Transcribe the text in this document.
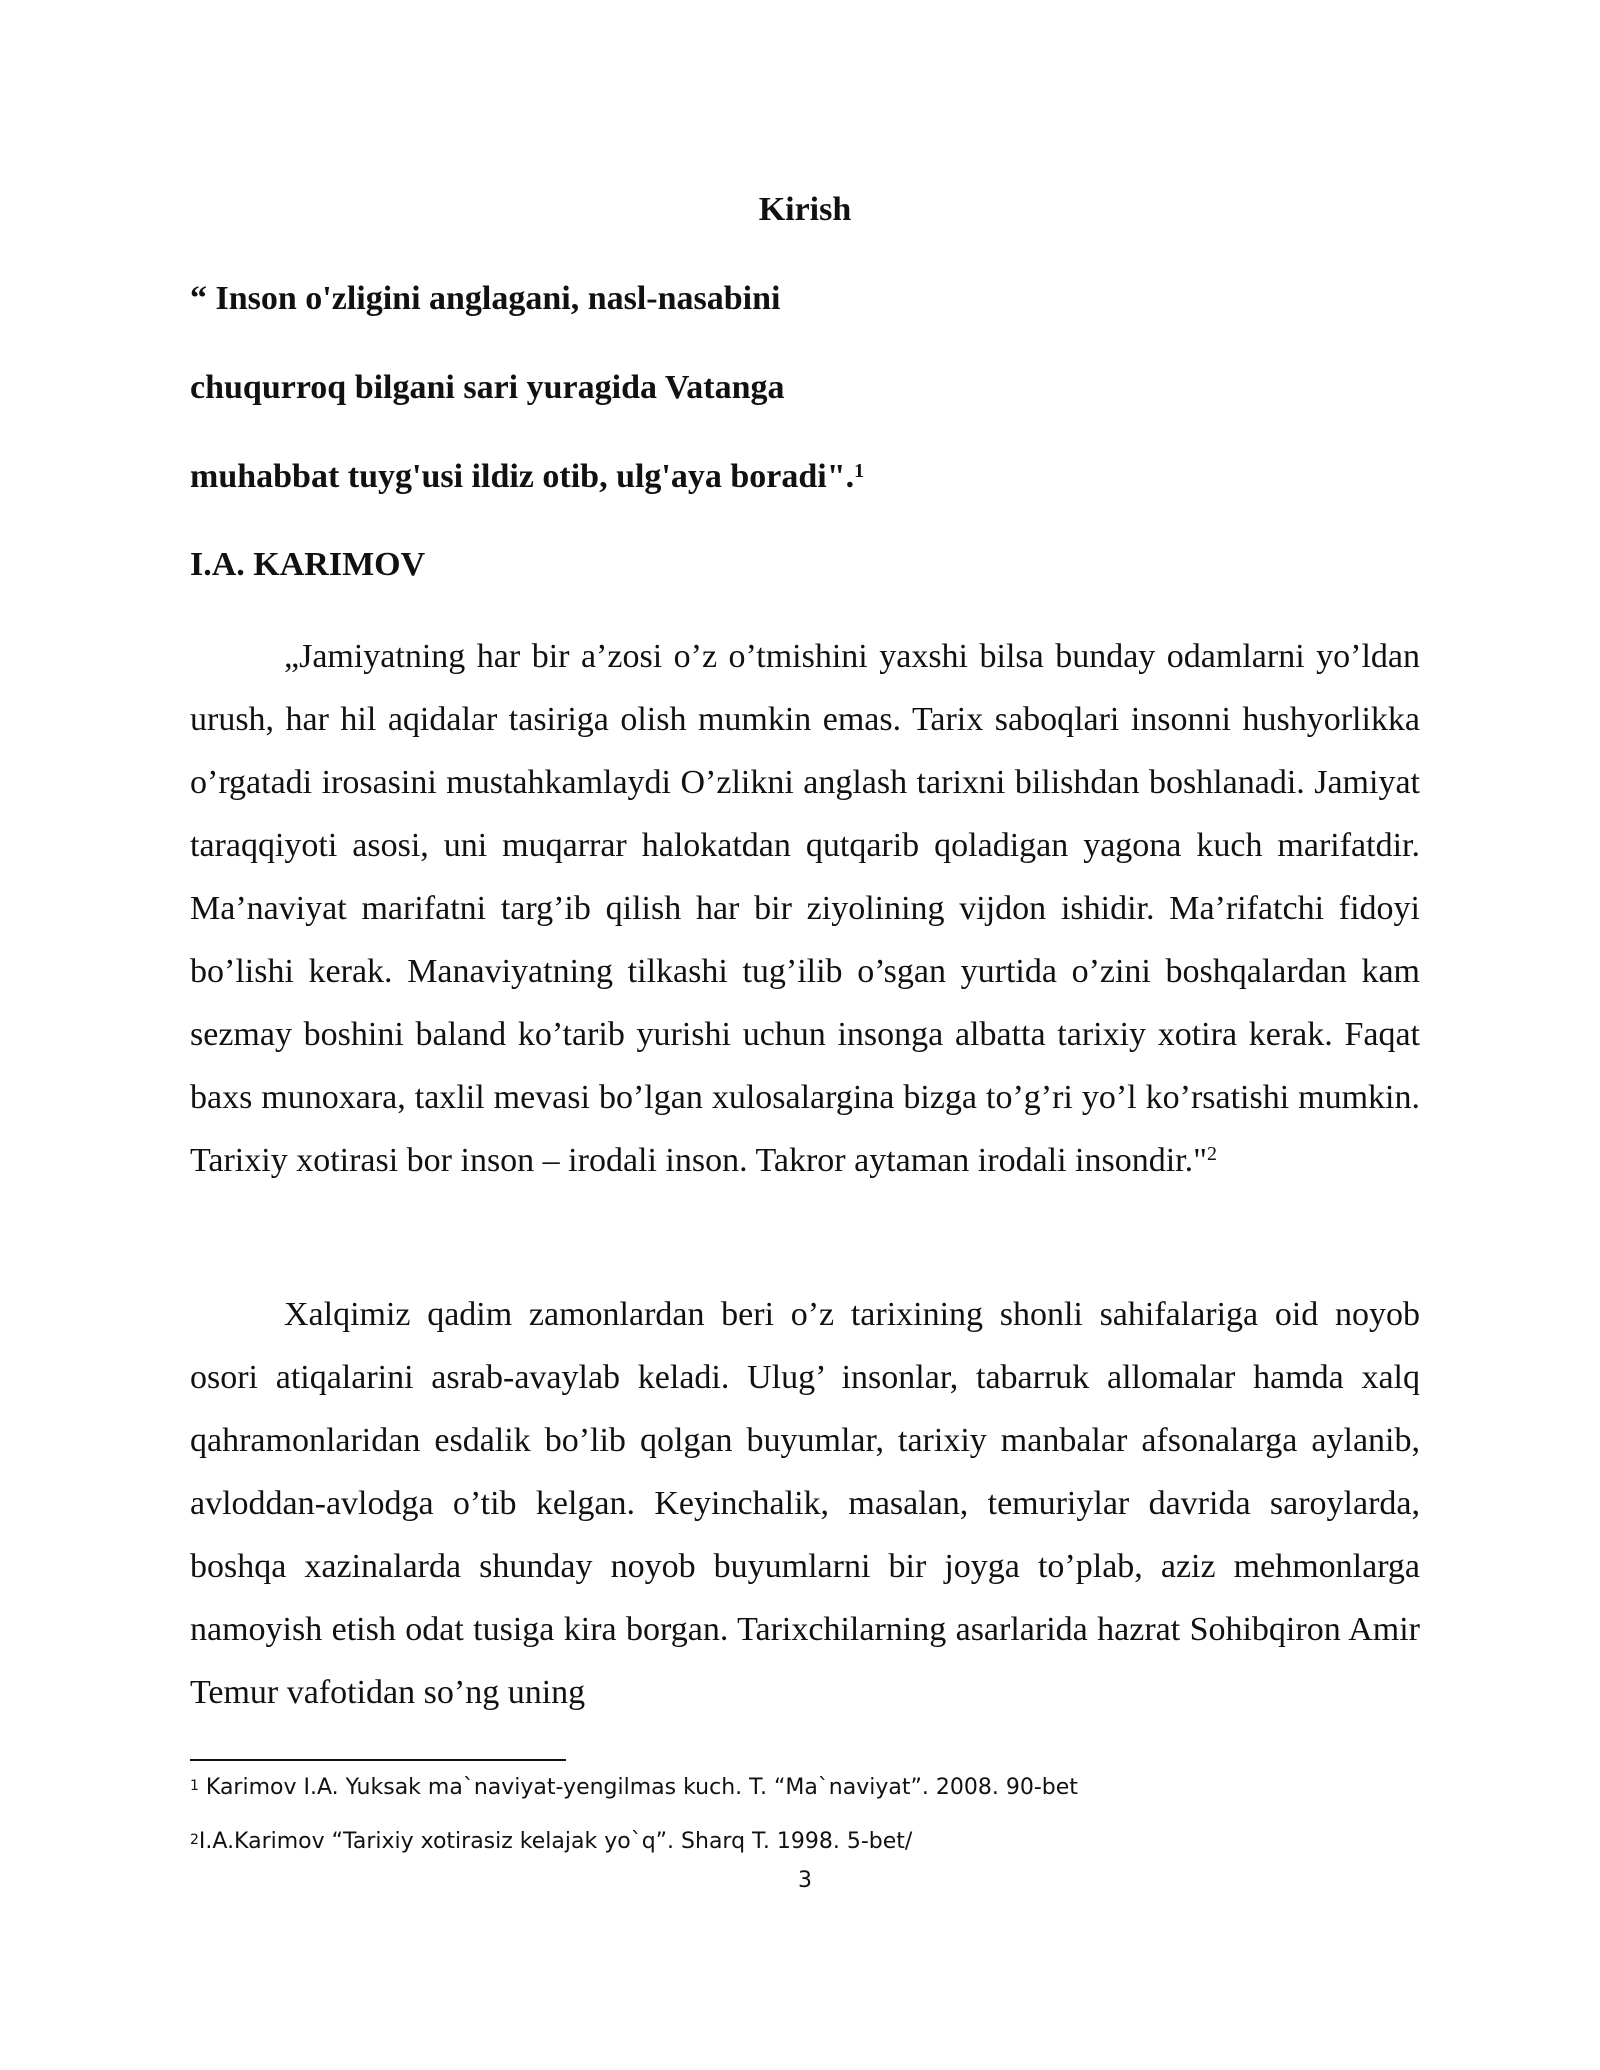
Kirish
“ Inson o'zligini anglagani, nasl-nasabini
chuqurroq bilgani sari yuragida Vatanga
muhabbat tuyg'usi ildiz otib, ulg'aya boradi".$^1$
I.A. KARIMOV

„Jamiyatning har bir a’zosi o’z o’tmishini yaxshi bilsa bunday odamlarni yo’ldan urush, har hil aqidalar tasiriga olish mumkin emas. Tarix saboqlari insonni hushyorlikka o’rgatadi irosasini mustahkamlaydi O’zlikni anglash tarixni bilishdan boshlanadi. Jamiyat taraqqiyoti asosi, uni muqarrar halokatdan qutqarib qoladigan yagona kuch marifatdir. Ma’naviyat marifatni targ’ib qilish har bir ziyolining vijdon ishidir. Ma’rifatchi fidoyi bo’lishi kerak. Manaviyatning tilkashi tug’ilib o’sgan yurtida o’zini boshqalardan kam sezmay boshini baland ko’tarib yurishi uchun insonga albatta tarixiy xotira kerak. Faqat baxs munoxara, taxlil mevasi bo’lgan xulosalargina bizga to’g’ri yo’l ko’rsatishi mumkin. Tarixiy xotirasi bor inson – irodali inson. Takror aytaman irodali insondir."$^2$

Xalqimiz qadim zamonlardan beri o’z tarixining shonli sahifalariga oid noyob osori atiqalarini asrab-avaylab keladi. Ulug’ insonlar, tabarruk allomalar hamda xalq qahramonlaridan esdalik bo’lib qolgan buyumlar, tarixiy manbalar afsonalarga aylanib, avloddan-avlodga o’tib kelgan. Keyinchalik, masalan, temuriylar davrida saroylarda, boshqa xazinalarda shunday noyob buyumlarni bir joyga to’plab, aziz mehmonlarga namoyish etish odat tusiga kira borgan. Tarixchilarning asarlarida hazrat Sohibqiron Amir Temur vafotidan so’ng uning

$^1$ Karimov I.A. Yuksak ma`naviyat-yengilmas kuch. T. “Ma`naviyat”. 2008. 90-bet
$^2$I.A.Karimov “Tarixiy xotirasiz kelajak yo`q”. Sharq T. 1998. 5-bet/
3
